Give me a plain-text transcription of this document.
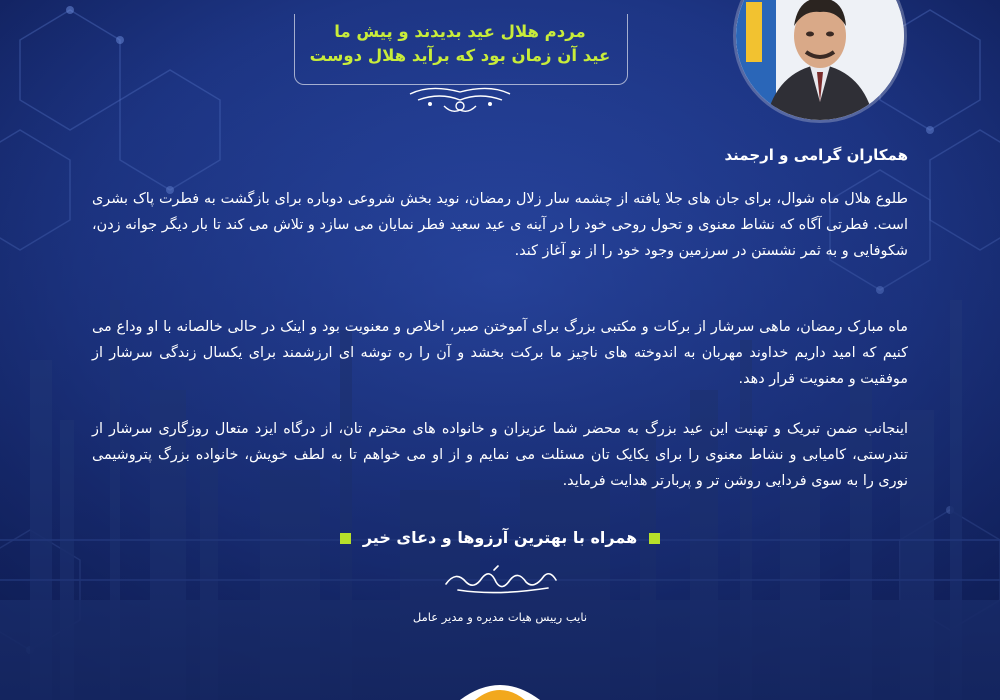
مردم هلال عید بدیدند و پیش ما
عید آن زمان بود که برآید هلال دوست

همکاران گرامی و ارجمند

طلوع هلال ماه شوال، برای جان های جلا یافته از چشمه سار زلال رمضان، نوید بخش شروعی دوباره برای بازگشت به فطرت پاک بشری است. فطرتی آگاه که نشاط معنوی و تحول روحی خود را در آینه ی عید سعید فطر نمایان می سازد و تلاش می کند تا بار دیگر جوانه زدن، شکوفایی و به ثمر نشستن در سرزمین وجود خود را از نو آغاز کند.

ماه مبارک رمضان، ماهی سرشار از برکات و مکتبی بزرگ برای آموختن صبر، اخلاص و معنویت بود و اینک در حالی خالصانه با او وداع می کنیم که امید داریم خداوند مهربان به اندوخته های ناچیز ما برکت بخشد و آن را ره توشه ای ارزشمند برای یکسال زندگی سرشار از موفقیت و معنویت قرار دهد.

اینجانب ضمن تبریک و تهنیت این عید بزرگ به محضر شما عزیزان و خانواده های محترم تان، از درگاه ایزد متعال روزگاری سرشار از تندرستی، کامیابی و نشاط معنوی را برای یکایک تان مسئلت می نمایم و از او می خواهم تا به لطف خویش، خانواده بزرگ پتروشیمی نوری را به سوی فردایی روشن تر و پربارتر هدایت فرماید.

همراه با بهترین آرزوها و دعای خیر
نایب رییس هیات مدیره و مدیر عامل
